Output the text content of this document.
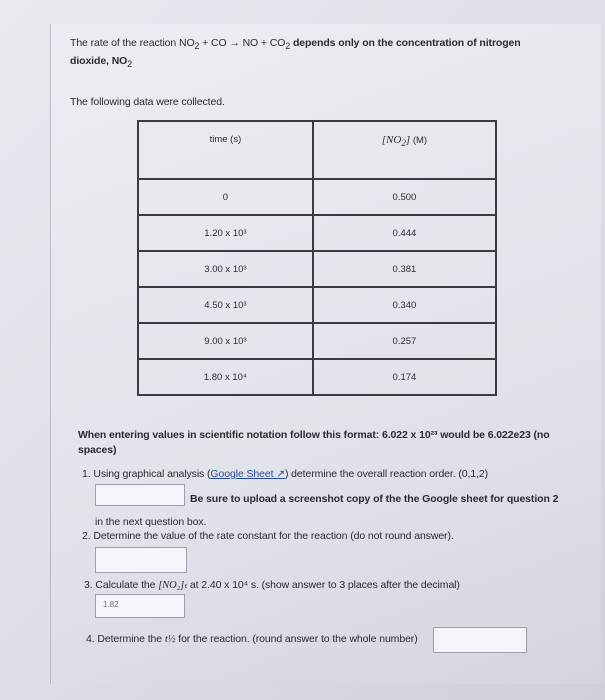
The rate of the reaction $NO_2$ + CO → NO + $CO_2$ depends only on the concentration of nitrogen
dioxide, $NO_2$
The following data were collected.
time (s)	$[NO_2]$ (M)
0	0.500
1.20 x 10³	0.444
3.00 x 10³	0.381
4.50 x 10³	0.340
9.00 x 10³	0.257
1.80 x 10⁴	0.174
When entering values in scientific notation follow this format: 6.022 x 10²³ would be 6.022e23 (no spaces)
1. Using graphical analysis (Google Sheet ↗) determine the overall reaction order. (0,1,2)
Be sure to upload a screenshot copy of the the Google sheet for question 2
in the next question box.
2. Determine the value of the rate constant for the reaction (do not round answer).
3. Calculate the [NO₂]ₜ at 2.40 x 10⁴ s. (show answer to 3 places after the decimal)
1.82
4. Determine the t½ for the reaction. (round answer to the whole number)
